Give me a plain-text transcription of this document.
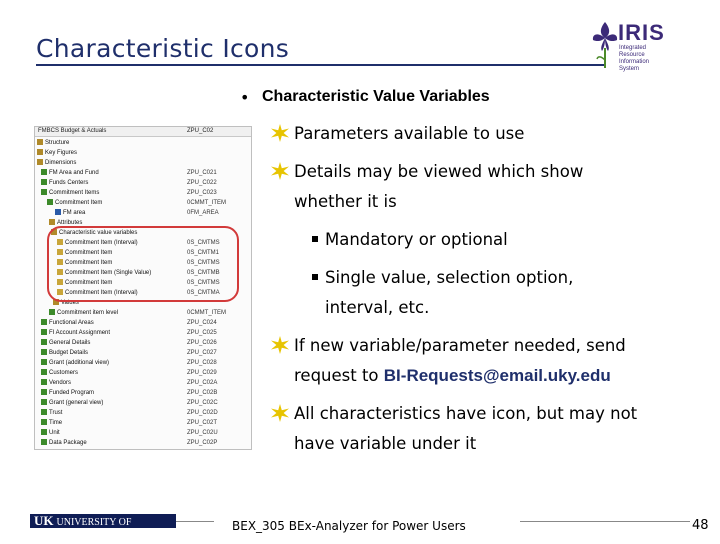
Characteristic Icons
IRIS
Integrated Resource
Information System
• Characteristic Value Variables
FMBCS Budget & Actuals	ZPU_C02
Structure
Key Figures
Dimensions
FM Area and Fund	ZPU_C021
Funds Centers	ZPU_C022
Commitment Items	ZPU_C023
Commitment Item	0CMMT_ITEM
FM area	0FM_AREA
Attributes
Characteristic value variables
Commitment Item (Interval)	0S_CMTMS
Commitment Item	0S_CMTM1
Commitment Item	0S_CMTMS
Commitment Item (Single Value)	0S_CMTMB
Commitment Item	0S_CMTMS
Commitment Item (Interval)	0S_CMTMA
Values
Commitment item level	0CMMT_ITEM
Functional Areas	ZPU_C024
FI Account Assignment	ZPU_C025
General Details	ZPU_C026
Budget Details	ZPU_C027
Grant (additional view)	ZPU_C028
Customers	ZPU_C029
Vendors	ZPU_C02A
Funded Program	ZPU_C02B
Grant (general view)	ZPU_C02C
Trust	ZPU_C02D
Time	ZPU_C02T
Unit	ZPU_C02U
Data Package	ZPU_C02P
Parameters available to use
Details may be viewed which show
whether it is
Mandatory or optional
Single value, selection option,
interval, etc.
If new variable/parameter needed, send
request to BI-Requests@email.uky.edu
All characteristics have icon, but may not
have variable under it
UK UNIVERSITY OF KENTUCKY
BEX_305 BEx-Analyzer for Power Users	48
